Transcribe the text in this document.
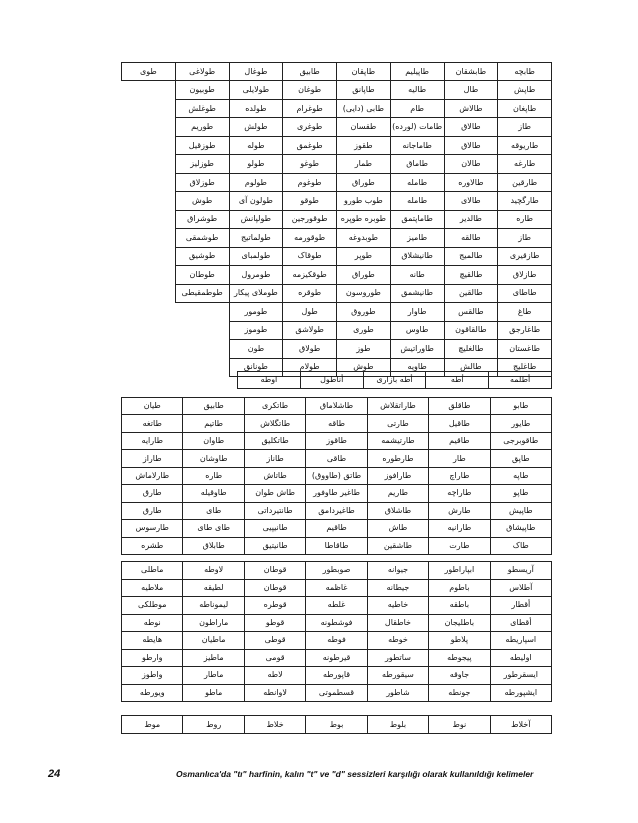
طابچه	طابشقان	طاپیلیم	طاپقان	طابیق	طوغال	طولاغی	طوی
طاپش	طال	طالیه	طاپانق	طوغان	طولایلی	طوبیون	
طاپغان	طالاش	طام	طابی (دایی)	طوغرام	طولده	طوغلش	
طاز	طالاق	طامات (لورده)	طقسان	طوغری	طولش	طوریم	
طاریوقه	طالاق	طاماجانه	طقوز	طوغمق	طوله	طوزقیل	
طارغه	طالان	طاماق	طمار	طوغو	طولو	طوزلیز	
طارقین	طالاوره	طامله	طوراق	طوغوم	طولوم	طوزلاق	
طارگچید	طالای	طامله	طوب طورو	طوقو	طولون آی	طوش	
طاره	طالدیر	طاماپتمق	طوبره طوپره	طوقورجین	طولپانش	طوشراق	
طاز	طالقه	طامیز	طوبدوغه	طوقورمه	طولماتیج	طوشمقی	
طازقیری	طالمیج	طانیشلاق	طوپر	طوقاک	طولمباى	طوشیق	
طازلاق	طالقیچ	طانه	طوراق	طوقکیزمه	طومرول	طوطان	
طاطای	طالقین	طانیشمق	طوروسون	طوقره	طوملای پیکار	طوطمقیطی	
طاغ	طالقس	طاوار	طوروق	طول	طومور		
طاغارجق	طالقاقون	طاوس	طوری	طولاشق	طوموز		
طاغستان	طالغلیچ	طاوراتیش	طوز	طولاق	طون		
طاغلیج	طالش	طاویه	طوش	طولام	طونانق		
أطلمه	أطه	أطه بازاری	أناطول	اوطه
طابو	طاقلق	طاراتقلاش	طاشلاماق	طاتکری	طابیق	طیان
طایور	طاقیل	طارتی	طاقه	طاتگلاش	طاتیم	طاتغه
طاقوبرجی	طاقیم	طارتیشمه	طاقوز	طاتکلیق	طاوان	طارایه
طاپق	طار	طارطوره	طاقی	طاناز	طاوشان	طاراز
طاپه	طاراچ	طارافوز	طاتق (طاووق)	طاتاش	طاره	طارلاماش
طاپو	طاراچه	طاریم	طاغیر طاوفور	طاش طوان	طاوقیله	طارق
طاپیش	طارش	طاشلاق	طاغیردامق	طانتیرداتی	طای	طارق
طاپیشاق	طارانیه	طاش	طاقیم	طانیپیی	طای طای	طارسوس
طاک	طارت	طاشقین	طاقاطا	طانیتیق	طابلاق	طشره
آریسطو	ابپاراطور	جیوانه	صوبطور	قوطان	لاوطه	ماطلی
آطلاس	باطوم	جیطانه	غاظمه	قوطان	لطیقه	ملاطیه
أقطار	باطقه	خاطیه	غلطه	قوطره	لیموناطه	موطلکی
أقطای	باطلیجان	خاطقال	فوشطونه	قوطو	ماراطون	نوطه
اسپاریطه	پلاطو	خوطه	فوطه	قوطی	ماطیان	هایطه
اولیطه	پیجوطه	ساتطور	قیرطونه	قومی	ماطیز	وارطو
ایسقرطور	جاوقه	سیقورطه	قاپورطه	لاطه	ماطار	واطوز
ایشپورطه	جونطه	شاطور	قسطموتی	لاوانطه	ماطو	ویورطه
آخلاط	نوط	بلوط	بوط	خلاط	روط	موط
24	Osmanlıca'da "tı" harfinin, kalın "t" ve "d" sessizleri karşılığı olarak kullanıldığı kelimeler
